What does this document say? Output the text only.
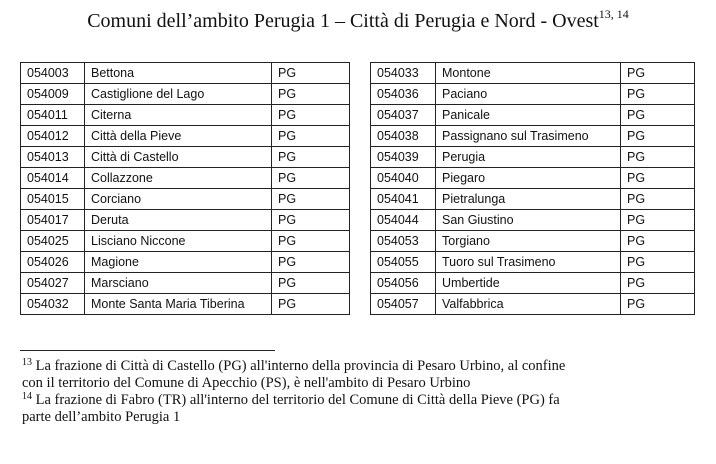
Comuni dell’ambito Perugia 1 – Città di Perugia e Nord - Ovest$^{13, 14}$
054003	Bettona	PG
054009	Castiglione del Lago	PG
054011	Citerna	PG
054012	Città della Pieve	PG
054013	Città di Castello	PG
054014	Collazzone	PG
054015	Corciano	PG
054017	Deruta	PG
054025	Lisciano Niccone	PG
054026	Magione	PG
054027	Marsciano	PG
054032	Monte Santa Maria Tiberina	PG
054033	Montone	PG
054036	Paciano	PG
054037	Panicale	PG
054038	Passignano sul Trasimeno	PG
054039	Perugia	PG
054040	Piegaro	PG
054041	Pietralunga	PG
054044	San Giustino	PG
054053	Torgiano	PG
054055	Tuoro sul Trasimeno	PG
054056	Umbertide	PG
054057	Valfabbrica	PG

$^{13}$ La frazione di Città di Castello (PG) all'interno della provincia di Pesaro Urbino, al confine
con il territorio del Comune di Apecchio (PS), è nell'ambito di Pesaro Urbino

$^{14}$ La frazione di Fabro (TR) all'interno del territorio del Comune di Città della Pieve (PG) fa
parte dell’ambito Perugia 1
